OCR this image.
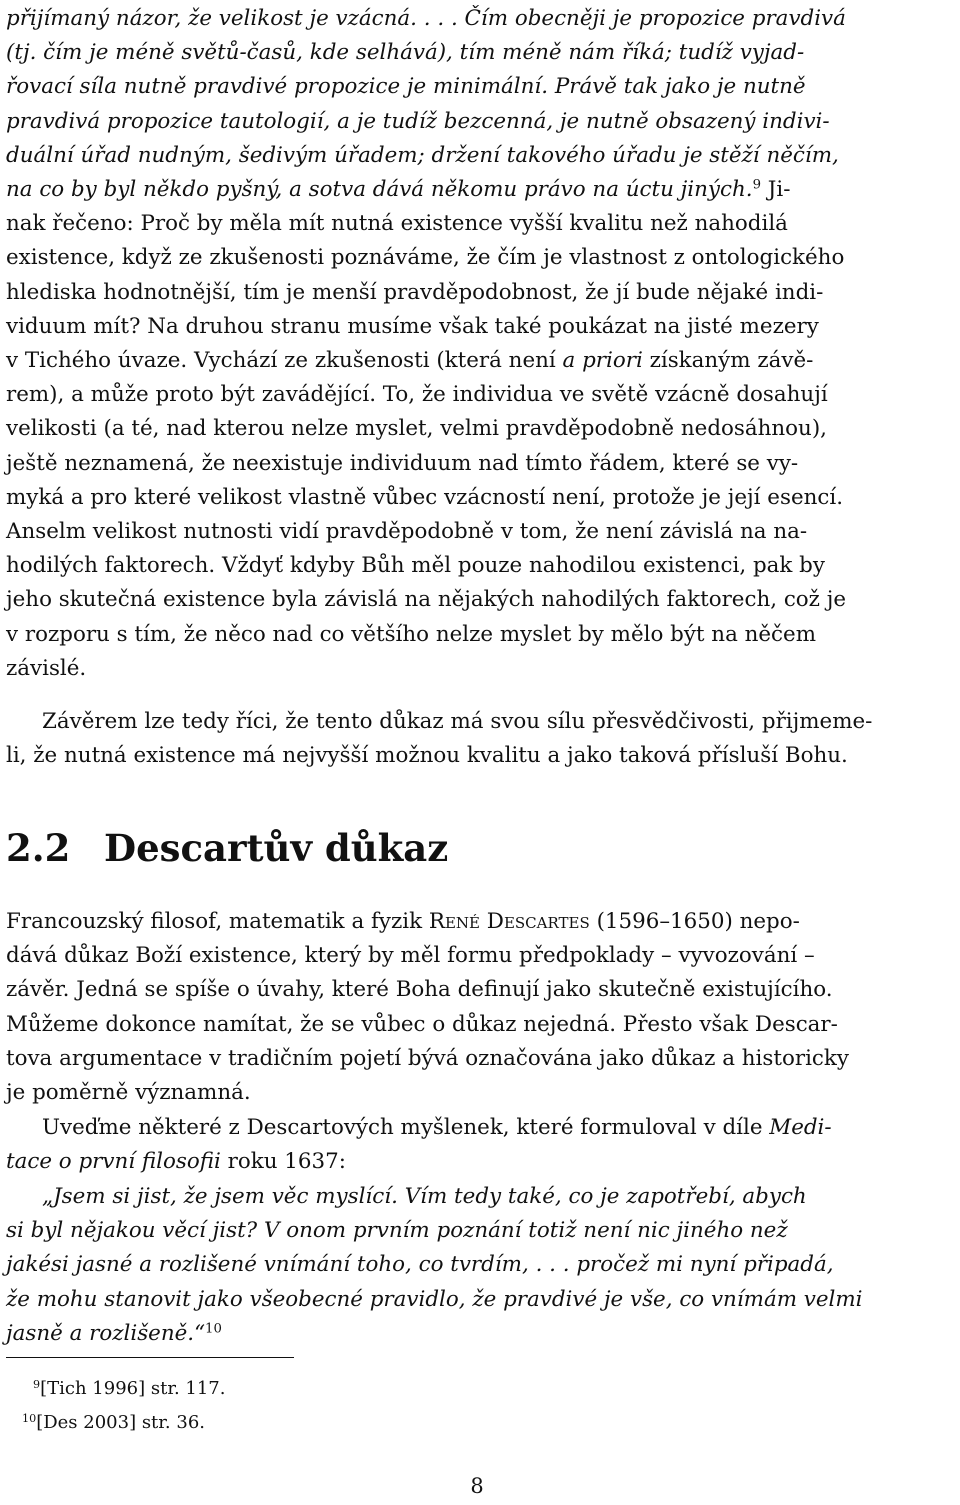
přijímaný názor, že velikost je vzácná. . . . Čím obecněji je propozice pravdivá
(tj. čím je méně světů-časů, kde selhává), tím méně nám říká; tudíž vyjad-
řovací síla nutně pravdivé propozice je minimální. Právě tak jako je nutně
pravdivá propozice tautologií, a je tudíž bezcenná, je nutně obsazený indivi-
duální úřad nudným, šedivým úřadem; držení takového úřadu je stěží něčím,
na co by byl někdo pyšný, a sotva dává někomu právo na úctu jiných.$^9$ Ji-
nak řečeno: Proč by měla mít nutná existence vyšší kvalitu než nahodilá
existence, když ze zkušenosti poznáváme, že čím je vlastnost z ontologického
hlediska hodnotnější, tím je menší pravděpodobnost, že jí bude nějaké indi-
viduum mít? Na druhou stranu musíme však také poukázat na jisté mezery
v Tichého úvaze. Vychází ze zkušenosti (která není a priori získaným závě-
rem), a může proto být zavádějící. To, že individua ve světě vzácně dosahují
velikosti (a té, nad kterou nelze myslet, velmi pravděpodobně nedosáhnou),
ještě neznamená, že neexistuje individuum nad tímto řádem, které se vy-
myká a pro které velikost vlastně vůbec vzácností není, protože je její esencí.
Anselm velikost nutnosti vidí pravděpodobně v tom, že není závislá na na-
hodilých faktorech. Vždyť kdyby Bůh měl pouze nahodilou existenci, pak by
jeho skutečná existence byla závislá na nějakých nahodilých faktorech, což je
v rozporu s tím, že něco nad co většího nelze myslet by mělo být na něčem
závislé.
Závěrem lze tedy říci, že tento důkaz má svou sílu přesvědčivosti, přijmeme-
li, že nutná existence má nejvyšší možnou kvalitu a jako taková přísluší Bohu.
2.2 Descartův důkaz
Francouzský filosof, matematik a fyzik René Descartes (1596–1650) nepo-
dává důkaz Boží existence, který by měl formu předpoklady – vyvozování –
závěr. Jedná se spíše o úvahy, které Boha definují jako skutečně existujícího.
Můžeme dokonce namítat, že se vůbec o důkaz nejedná. Přesto však Descar-
tova argumentace v tradičním pojetí bývá označována jako důkaz a historicky
je poměrně významná.
Uveďme některé z Descartových myšlenek, které formuloval v díle Medi-
tace o první filosofii roku 1637:
„Jsem si jist, že jsem věc myslící. Vím tedy také, co je zapotřebí, abych
si byl nějakou věcí jist? V onom prvním poznání totiž není nic jiného než
jakési jasné a rozlišené vnímání toho, co tvrdím, . . . pročež mi nyní připadá,
že mohu stanovit jako všeobecné pravidlo, že pravdivé je vše, co vnímám velmi
jasně a rozlišeně.“$^{10}$
$^9$[Tich 1996] str. 117.
$^{10}$[Des 2003] str. 36.
8
